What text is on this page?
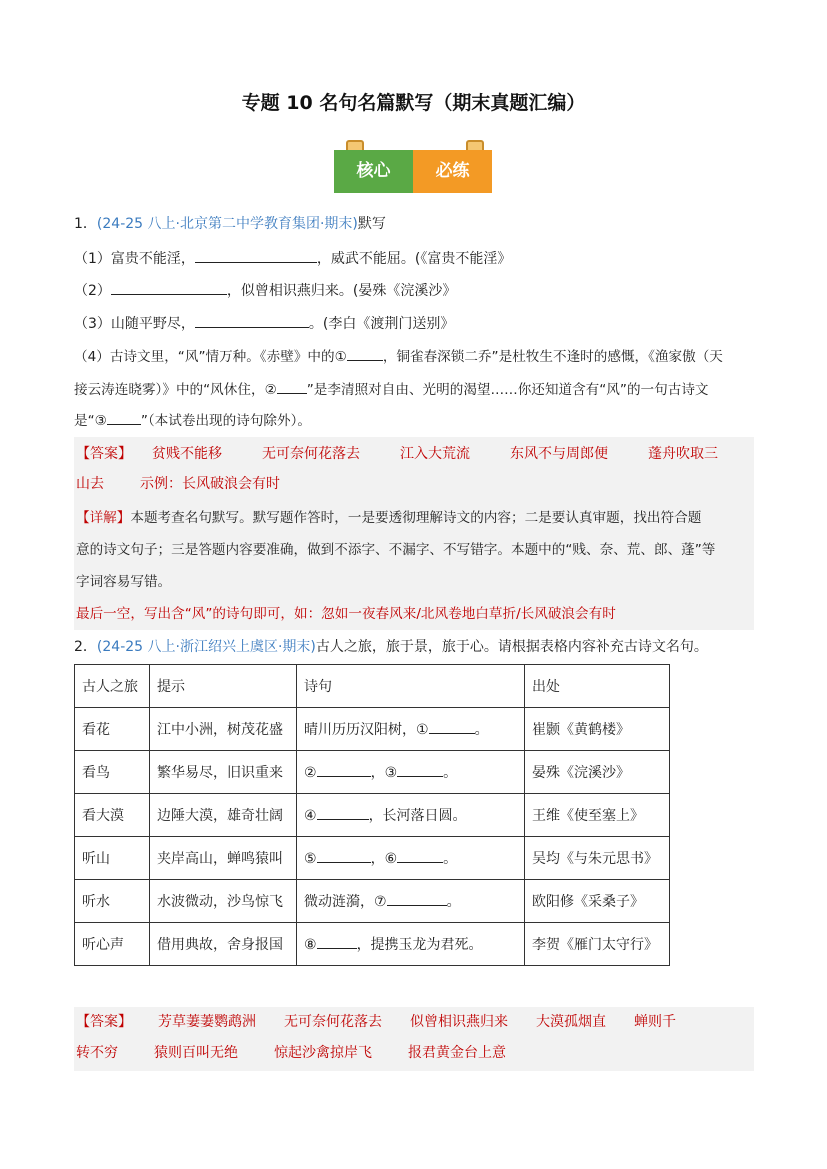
专题 10 名句名篇默写（期末真题汇编）
核心	必练
1．(24-25 八上·北京第二中学教育集团·期末)默写
（1）富贵不能淫，	，威武不能屈。(《富贵不能淫》
（2）	，似曾相识燕归来。(晏殊《浣溪沙》
（3）山随平野尽，	。(李白《渡荆门送别》
（4）古诗文里，“风”情万种。《赤壁》中的①	，铜雀春深锁二乔”是杜牧生不逢时的感慨，《渔家傲（天
接云涛连晓雾）》中的“风休住，② ”是李清照对自由、光明的渴望……你还知道含有“风”的一句古诗文
是“③	”（本试卷出现的诗句除外）。
【答案】 贫贱不能移	无可奈何花落去	江入大荒流	东风不与周郎便	蓬舟吹取三
山去	示例：长风破浪会有时
【详解】本题考查名句默写。默写题作答时，一是要透彻理解诗文的内容；二是要认真审题，找出符合题
意的诗文句子；三是答题内容要准确，做到不添字、不漏字、不写错字。本题中的“贱、奈、荒、郎、蓬”等
字词容易写错。
最后一空，写出含“风”的诗句即可，如：忽如一夜春风来/北风卷地白草折/长风破浪会有时
2．(24-25 八上·浙江绍兴上虞区·期末)古人之旅，旅于景，旅于心。请根据表格内容补充古诗文名句。
古人之旅	提示	诗句	出处
看花	江中小洲，树茂花盛	晴川历历汉阳树，① 。	崔颢《黄鹤楼》
看鸟	繁华易尽，旧识重来	② ，③ 。	晏殊《浣溪沙》
看大漠	边陲大漠，雄奇壮阔	④ ，长河落日圆。	王维《使至塞上》
听山	夹岸高山，蝉鸣猿叫	⑤ ，⑥ 。	吴均《与朱元思书》
听水	水波微动，沙鸟惊飞	微动涟漪，⑦ 。	欧阳修《采桑子》
听心声	借用典故，舍身报国	⑧ ，提携玉龙为君死。	李贺《雁门太守行》
【答案】 芳草萋萋鹦鹉洲 无可奈何花落去 似曾相识燕归来 大漠孤烟直 蝉则千
转不穷	猿则百叫无绝	惊起沙禽掠岸飞	报君黄金台上意
